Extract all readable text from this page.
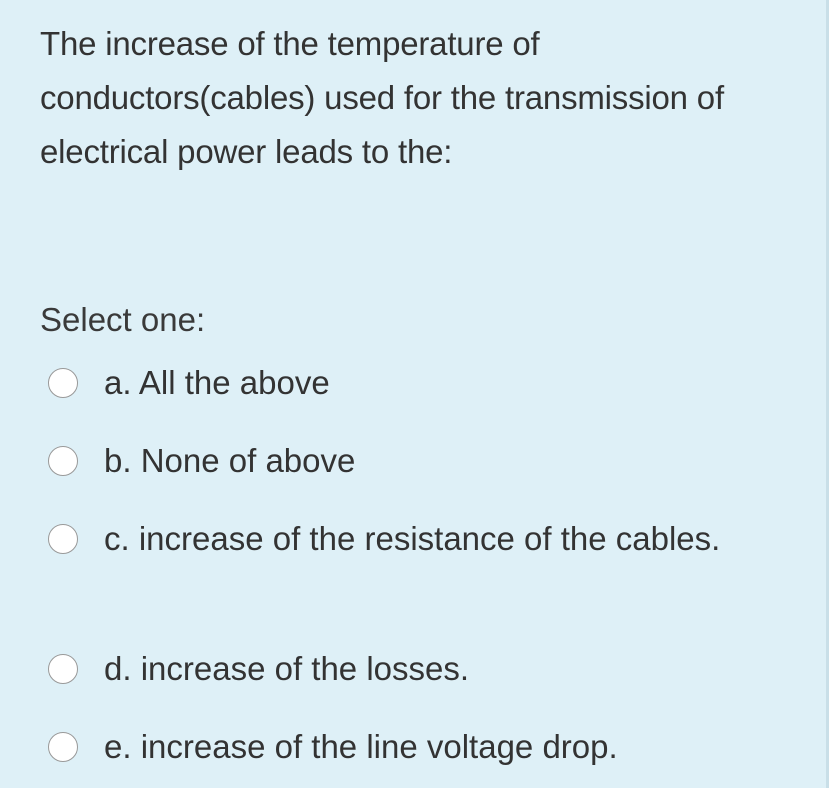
The increase of the temperature of conductors(cables) used for the transmission of electrical power leads to the:

Select one:

a. All the above
b. None of above
c. increase of the resistance of the cables.
d. increase of the losses.
e. increase of the line voltage drop.
